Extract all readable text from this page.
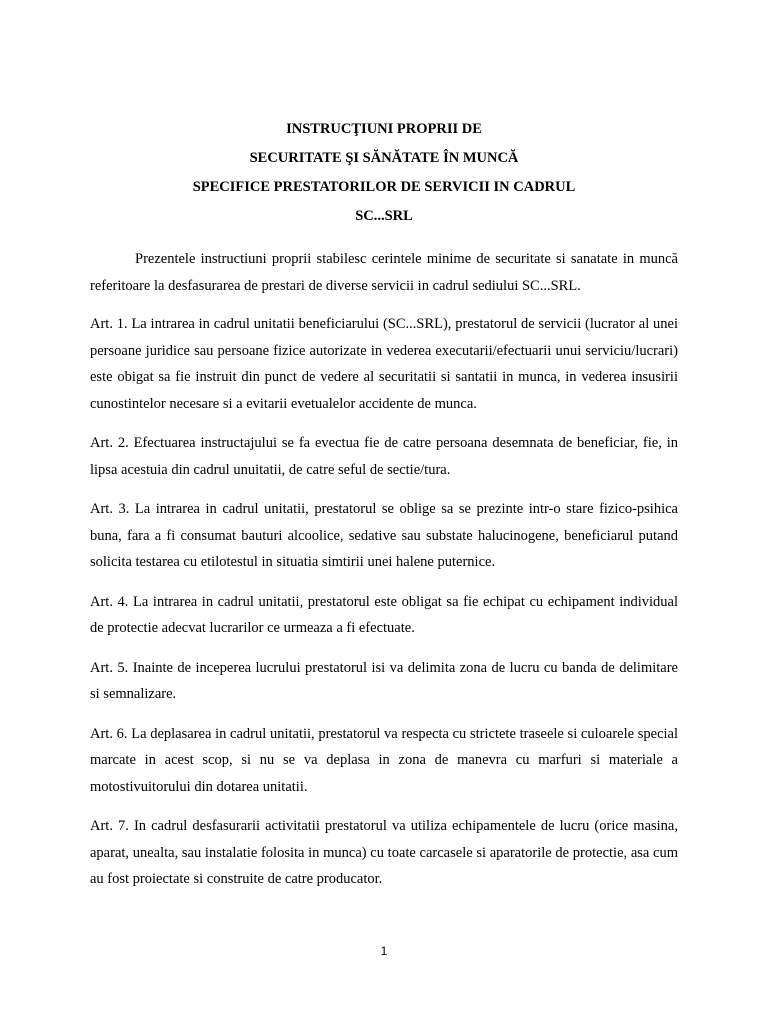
INSTRUCŢIUNI PROPRII DE
SECURITATE ŞI SĂNĂTATE ÎN MUNCĂ
SPECIFICE PRESTATORILOR DE SERVICII IN CADRUL
SC...SRL

Prezentele instructiuni proprii stabilesc cerintele minime de securitate si sanatate in muncă referitoare la desfasurarea de prestari de diverse servicii in cadrul sediului SC...SRL.

Art. 1. La intrarea in cadrul unitatii beneficiarului (SC...SRL), prestatorul de servicii (lucrator al unei persoane juridice sau persoane fizice autorizate in vederea executarii/efectuarii unui serviciu/lucrari) este obigat sa fie instruit din punct de vedere al securitatii si santatii in munca, in vederea insusirii cunostintelor necesare si a evitarii evetualelor accidente de munca.

Art. 2. Efectuarea instructajului se fa evectua fie de catre persoana desemnata de beneficiar, fie, in lipsa acestuia din cadrul unuitatii, de catre seful de sectie/tura.

Art. 3. La intrarea in cadrul unitatii, prestatorul se oblige sa se prezinte intr-o stare fizico-psihica buna, fara a fi consumat bauturi alcoolice, sedative sau substate halucinogene, beneficiarul putand solicita testarea cu etilotestul in situatia simtirii unei halene puternice.

Art. 4. La intrarea in cadrul unitatii, prestatorul este obligat sa fie echipat cu echipament individual de protectie adecvat lucrarilor ce urmeaza a fi efectuate.

Art. 5. Inainte de inceperea lucrului prestatorul isi va delimita zona de lucru cu banda de delimitare si semnalizare.

Art. 6. La deplasarea in cadrul unitatii, prestatorul va respecta cu strictete traseele si culoarele special marcate in acest scop, si nu se va deplasa in zona de manevra cu marfuri si materiale a motostivuitorului din dotarea unitatii.

Art. 7. In cadrul desfasurarii activitatii prestatorul va utiliza echipamentele de lucru (orice masina, aparat, unealta, sau instalatie folosita in munca) cu toate carcasele si aparatorile de protectie, asa cum au fost proiectate si construite de catre producator.

1
